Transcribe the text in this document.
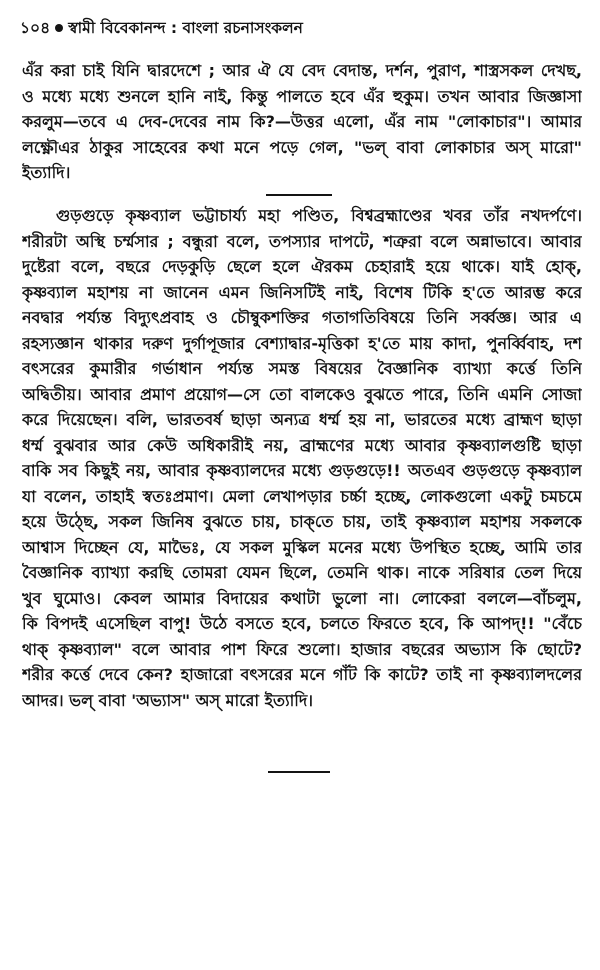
১০৪ স্বামী বিবেকানন্দ : বাংলা রচনাসংকলন
এঁর করা চাই যিনি দ্বারদেশে ; আর ঐ যে বেদ বেদান্ত, দর্শন, পুরাণ, শাস্ত্রসকল দেখছ,
ও মধ্যে মধ্যে শুনলে হানি নাই, কিন্তু পালতে হবে এঁর হুকুম। তখন আবার জিজ্ঞাসা
করলুম—তবে এ দেব-দেবের নাম কি?—উত্তর এলো, এঁর নাম "লোকাচার"। আমার
লক্ষ্ণৌএর ঠাকুর সাহেবের কথা মনে পড়ে গেল, "ভল্ বাবা লোকাচার অস্ মারো"
ইত্যাদি।
গুড়গুড়ে কৃষ্ণব্যাল ভট্টাচার্য্য মহা পণ্ডিত, বিশ্বব্রহ্মাণ্ডের খবর তাঁর নখদর্পণে।
শরীরটা অস্থি চর্ম্মসার ; বন্ধুরা বলে, তপস্যার দাপটে, শত্রুরা বলে অন্নাভাবে। আবার
দুষ্টেরা বলে, বছরে দেড়কুড়ি ছেলে হলে ঐরকম চেহারাই হয়ে থাকে। যাই হোক্,
কৃষ্ণব্যাল মহাশয় না জানেন এমন জিনিসটিই নাই, বিশেষ টিকি হ'তে আরম্ভ করে
নবদ্বার পর্য্যন্ত বিদ্যুৎপ্রবাহ ও চৌম্বুকশক্তির গতাগতিবিষয়ে তিনি সর্ব্বজ্ঞ। আর এ
রহস্যজ্ঞান থাকার দরুণ দুর্গাপূজার বেশ্যাদ্বার-মৃত্তিকা হ'তে মায় কাদা, পুনর্ব্বিবাহ, দশ
বৎসরের কুমারীর গর্ভাধান পর্য্যন্ত সমস্ত বিষয়ের বৈজ্ঞানিক ব্যাখ্যা কর্ত্তে তিনি
অদ্বিতীয়। আবার প্রমাণ প্রয়োগ—সে তো বালকেও বুঝতে পারে, তিনি এমনি সোজা
করে দিয়েছেন। বলি, ভারতবর্ষ ছাড়া অন্যত্র ধর্ম্ম হয় না, ভারতের মধ্যে ব্রাহ্মণ ছাড়া
ধর্ম্ম বুঝবার আর কেউ অধিকারীই নয়, ব্রাহ্মণের মধ্যে আবার কৃষ্ণব্যালগুষ্টি ছাড়া
বাকি সব কিছুই নয়, আবার কৃষ্ণব্যালদের মধ্যে গুড়গুড়ে!! অতএব গুড়গুড়ে কৃষ্ণব্যাল
যা বলেন, তাহাই স্বতঃপ্রমাণ। মেলা লেখাপড়ার চর্চ্চা হচ্ছে, লোকগুলো একটু চমচমে
হয়ে উঠ্ছে, সকল জিনিষ বুঝতে চায়, চাক্‌তে চায়, তাই কৃষ্ণব্যাল মহাশয় সকলকে
আশ্বাস দিচ্ছেন যে, মাভৈঃ, যে সকল মুস্কিল মনের মধ্যে উপস্থিত হচ্ছে, আমি তার
বৈজ্ঞানিক ব্যাখ্যা করছি তোমরা যেমন ছিলে, তেমনি থাক। নাকে সরিষার তেল দিয়ে
খুব ঘুমোও। কেবল আমার বিদায়ের কথাটা ভুলো না। লোকেরা বললে—বাঁচলুম,
কি বিপদই এসেছিল বাপু! উঠে বসতে হবে, চলতে ফিরতে হবে, কি আপদ্!! "বেঁচে
থাক্ কৃষ্ণব্যাল" বলে আবার পাশ ফিরে শুলো। হাজার বছরের অভ্যাস কি ছোটে?
শরীর কর্ত্তে দেবে কেন? হাজারো বৎসরের মনে গাঁট কি কাটে? তাই না কৃষ্ণব্যালদলের
আদর। ভল্ বাবা 'অভ্যাস" অস্ মারো ইত্যাদি।
